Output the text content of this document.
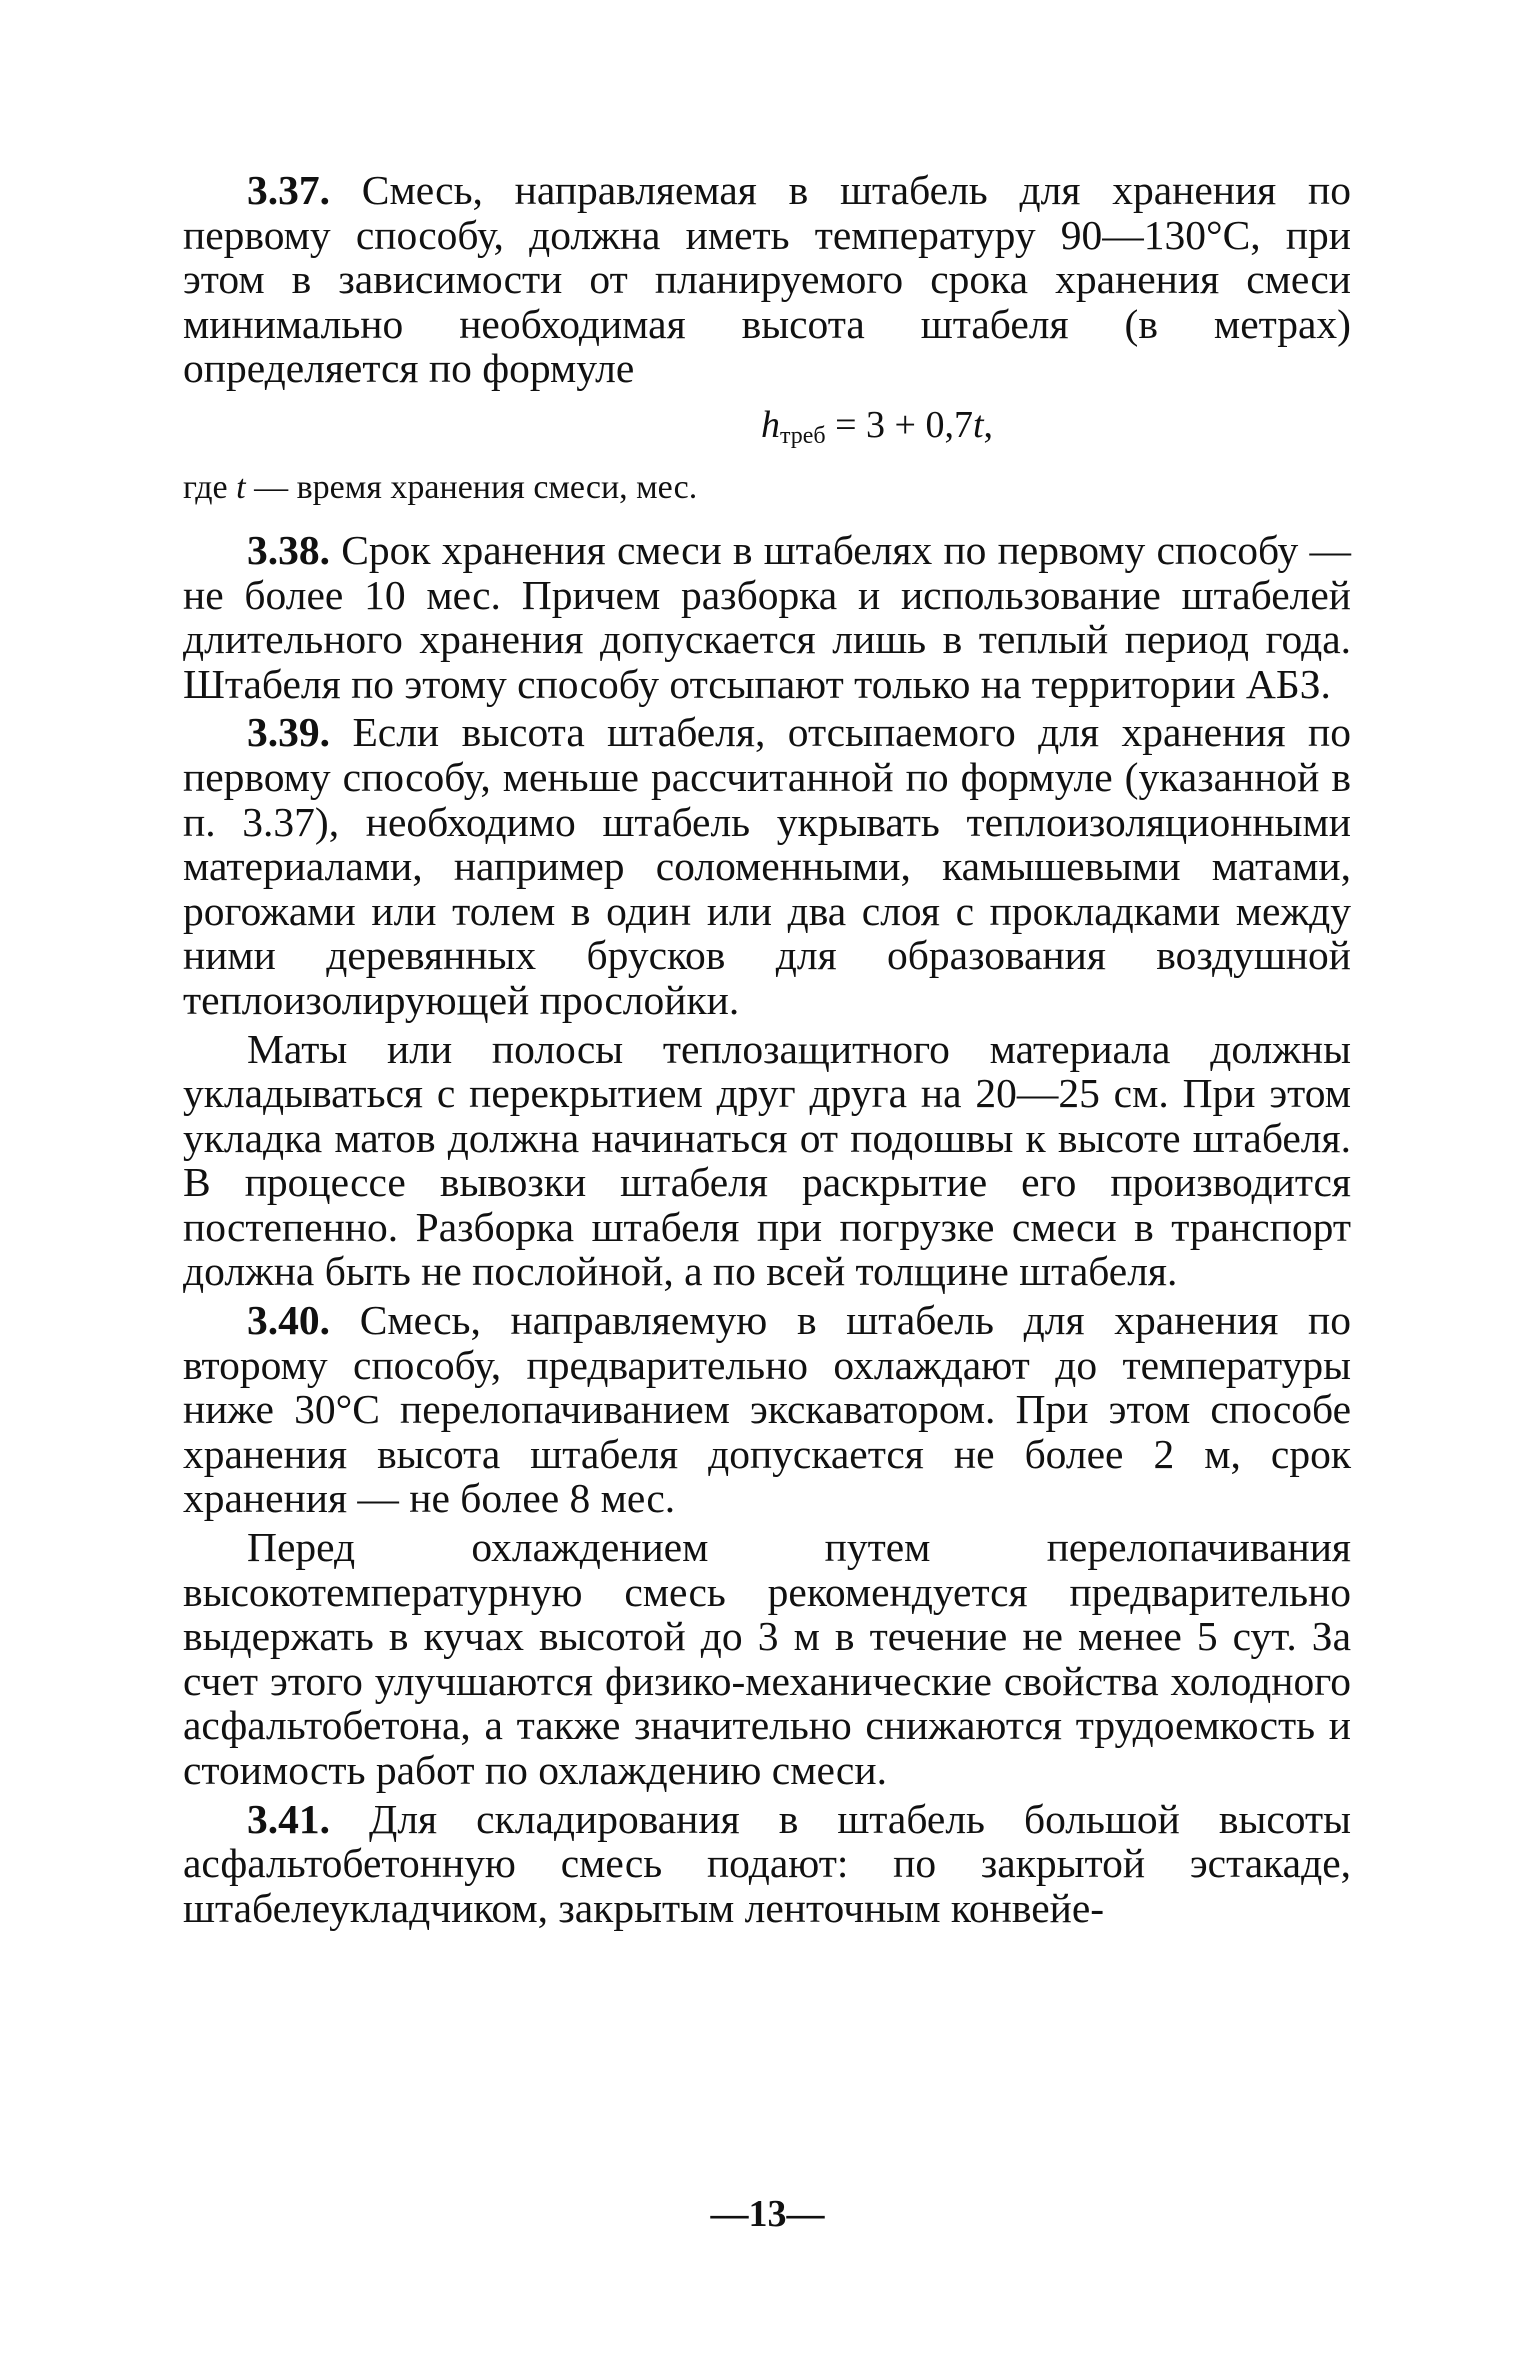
3.37. Смесь, направляемая в штабель для хранения по первому способу, должна иметь температуру 90—130°C, при этом в зависимости от планируемого срока хранения смеси минимально необходимая высота штабеля (в метрах) определяется по формуле

$h_{треб} = 3 + 0,7t$,
где t — время хранения смеси, мес.

3.38. Срок хранения смеси в штабелях по первому способу — не более 10 мес. Причем разборка и использование штабелей длительного хранения допускается лишь в теплый период года. Штабеля по этому способу отсыпают только на территории АБЗ.

3.39. Если высота штабеля, отсыпаемого для хранения по первому способу, меньше рассчитанной по формуле (указанной в п. 3.37), необходимо штабель укрывать теплоизоляционными материалами, например соломенными, камышевыми матами, рогожами или толем в один или два слоя с прокладками между ними деревянных брусков для образования воздушной теплоизолирующей прослойки.

Маты или полосы теплозащитного материала должны укладываться с перекрытием друг друга на 20—25 см. При этом укладка матов должна начинаться от подошвы к высоте штабеля. В процессе вывозки штабеля раскрытие его производится постепенно. Разборка штабеля при погрузке смеси в транспорт должна быть не послойной, а по всей толщине штабеля.

3.40. Смесь, направляемую в штабель для хранения по второму способу, предварительно охлаждают до температуры ниже 30°C перелопачиванием экскаватором. При этом способе хранения высота штабеля допускается не более 2 м, срок хранения — не более 8 мес.

Перед охлаждением путем перелопачивания высокотемпературную смесь рекомендуется предварительно выдержать в кучах высотой до 3 м в течение не менее 5 сут. За счет этого улучшаются физико-механические свойства холодного асфальтобетона, а также значительно снижаются трудоемкость и стоимость работ по охлаждению смеси.

3.41. Для складирования в штабель большой высоты асфальтобетонную смесь подают: по закрытой эстакаде, штабелеукладчиком, закрытым ленточным конвейе-

—13—
